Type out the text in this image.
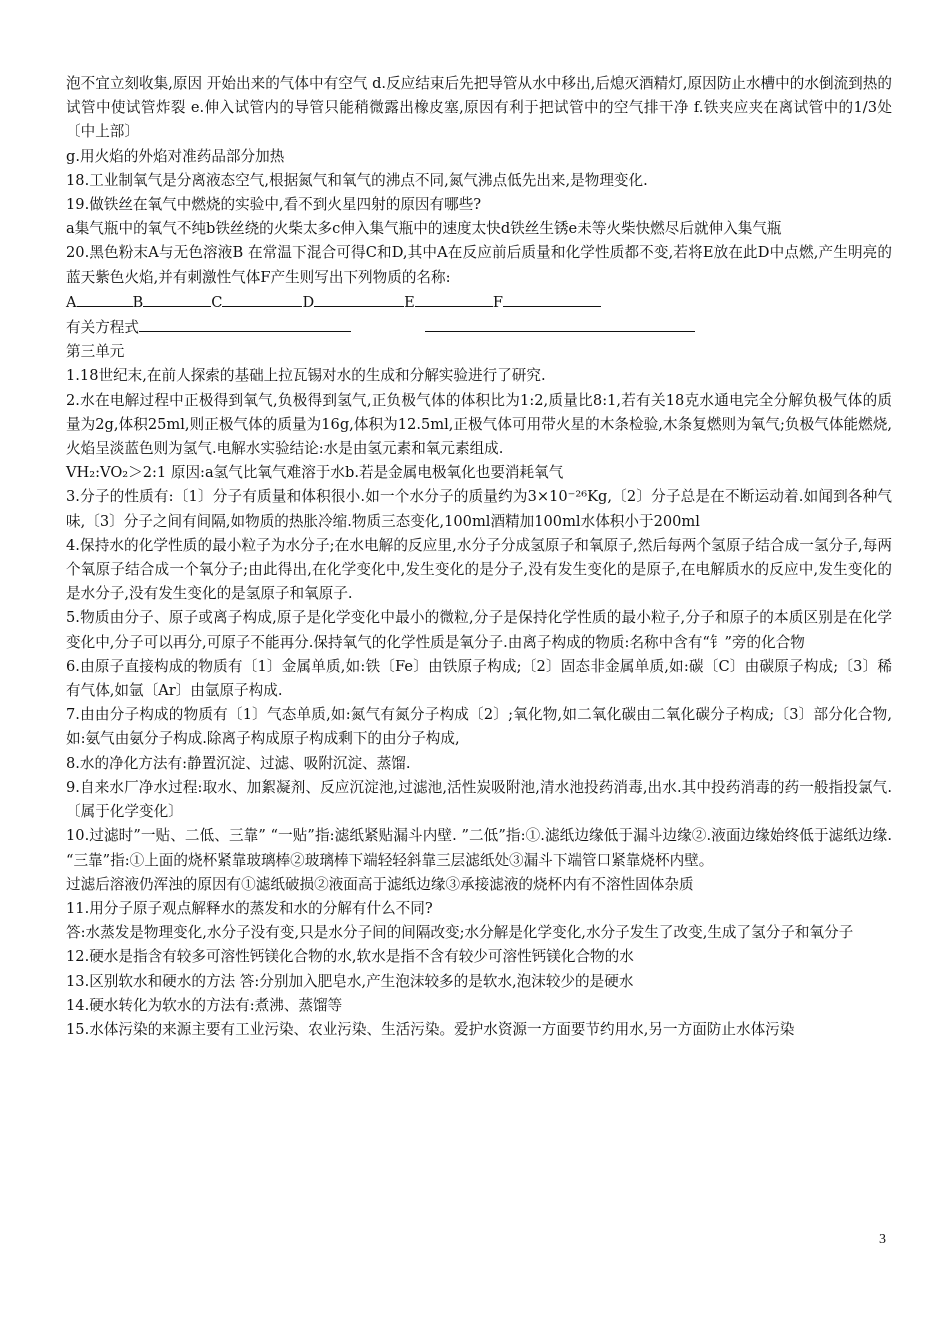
泡不宜立刻收集,原因 开始出来的气体中有空气 d.反应结束后先把导管从水中移出,后熄灭酒精灯,原因防止水槽中的水倒流到热的试管中使试管炸裂 e.伸入试管内的导管只能稍微露出橡皮塞,原因有利于把试管中的空气排干净 f.铁夹应夹在离试管中的1/3处〔中上部〕

g.用火焰的外焰对准药品部分加热

18.工业制氧气是分离液态空气,根据氮气和氧气的沸点不同,氮气沸点低先出来,是物理变化.

19.做铁丝在氧气中燃烧的实验中,看不到火星四射的原因有哪些?

a集气瓶中的氧气不纯b铁丝绕的火柴太多c伸入集气瓶中的速度太快d铁丝生锈e未等火柴快燃尽后就伸入集气瓶

20.黑色粉末A与无色溶液B 在常温下混合可得C和D,其中A在反应前后质量和化学性质都不变,若将E放在此D中点燃,产生明亮的蓝天紫色火焰,并有刺激性气体F产生则写出下列物质的名称:

A	B	C	D	E	F

有关方程式

第三单元

1.18世纪末,在前人探索的基础上拉瓦锡对水的生成和分解实验进行了研究.

2.水在电解过程中正极得到氧气,负极得到氢气,正负极气体的体积比为1:2,质量比8:1,若有关18克水通电完全分解负极气体的质量为2g,体积25ml,则正极气体的质量为16g,体积为12.5ml,正极气体可用带火星的木条检验,木条复燃则为氧气;负极气体能燃烧,火焰呈淡蓝色则为氢气.电解水实验结论:水是由氢元素和氧元素组成.

VH₂:VO₂＞2:1 原因:a氢气比氧气难溶于水b.若是金属电极氧化也要消耗氧气

3.分子的性质有:〔1〕分子有质量和体积很小.如一个水分子的质量约为3×10⁻²⁶Kg,〔2〕分子总是在不断运动着.如闻到各种气味,〔3〕分子之间有间隔,如物质的热胀冷缩.物质三态变化,100ml酒精加100ml水体积小于200ml

4.保持水的化学性质的最小粒子为水分子;在水电解的反应里,水分子分成氢原子和氧原子,然后每两个氢原子结合成一氢分子,每两个氧原子结合成一个氧分子;由此得出,在化学变化中,发生变化的是分子,没有发生变化的是原子,在电解质水的反应中,发生变化的是水分子,没有发生变化的是氢原子和氧原子.

5.物质由分子、原子或离子构成,原子是化学变化中最小的微粒,分子是保持化学性质的最小粒子,分子和原子的本质区别是在化学变化中,分子可以再分,可原子不能再分.保持氧气的化学性质是氧分子.由离子构成的物质:名称中含有“钅”旁的化合物

6.由原子直接构成的物质有〔1〕金属单质,如:铁〔Fe〕由铁原子构成;〔2〕固态非金属单质,如:碳〔C〕由碳原子构成;〔3〕稀有气体,如氩〔Ar〕由氩原子构成.

7.由由分子构成的物质有〔1〕气态单质,如:氮气有氮分子构成〔2〕;氧化物,如二氧化碳由二氧化碳分子构成;〔3〕部分化合物,如:氨气由氨分子构成.除离子构成原子构成剩下的由分子构成,

8.水的净化方法有:静置沉淀、过滤、吸附沉淀、蒸馏.

9.自来水厂净水过程:取水、加絮凝剂、反应沉淀池,过滤池,活性炭吸附池,清水池投药消毒,出水.其中投药消毒的药一般指投氯气.〔属于化学变化〕

10.过滤时”一贴、二低、三靠” “一贴”指:滤纸紧贴漏斗内壁. ”二低”指:①.滤纸边缘低于漏斗边缘②.液面边缘始终低于滤纸边缘. “三靠”指:①上面的烧杯紧靠玻璃棒②玻璃棒下端轻轻斜靠三层滤纸处③漏斗下端管口紧靠烧杯内壁。

过滤后溶液仍浑浊的原因有①滤纸破损②液面高于滤纸边缘③承接滤液的烧杯内有不溶性固体杂质

11.用分子原子观点解释水的蒸发和水的分解有什么不同?

答:水蒸发是物理变化,水分子没有变,只是水分子间的间隔改变;水分解是化学变化,水分子发生了改变,生成了氢分子和氧分子

12.硬水是指含有较多可溶性钙镁化合物的水,软水是指不含有较少可溶性钙镁化合物的水

13.区别软水和硬水的方法 答:分别加入肥皂水,产生泡沫较多的是软水,泡沫较少的是硬水

14.硬水转化为软水的方法有:煮沸、蒸馏等

15.水体污染的来源主要有工业污染、农业污染、生活污染。爱护水资源一方面要节约用水,另一方面防止水体污染

3
